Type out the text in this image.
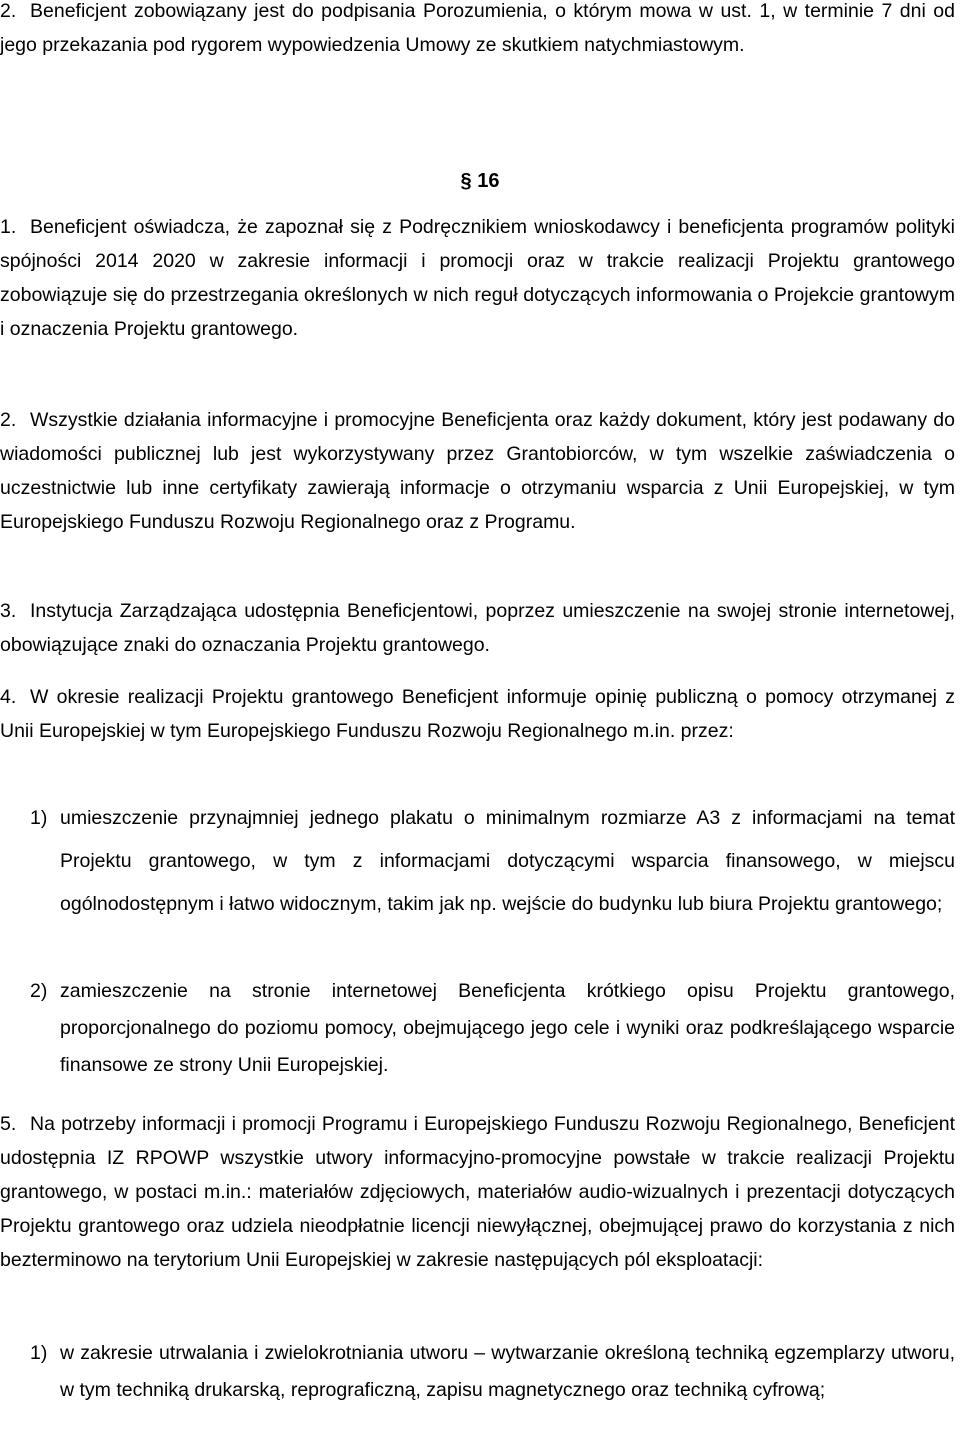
2. Beneficjent zobowiązany jest do podpisania Porozumienia, o którym mowa w ust. 1, w terminie 7 dni od jego przekazania pod rygorem wypowiedzenia Umowy ze skutkiem natychmiastowym.

§ 16

1. Beneficjent oświadcza, że zapoznał się z Podręcznikiem wnioskodawcy i beneficjenta programów polityki spójności 2014 2020 w zakresie informacji i promocji oraz w trakcie realizacji Projektu grantowego zobowiązuje się do przestrzegania określonych w nich reguł dotyczących informowania o Projekcie grantowym i oznaczenia Projektu grantowego.

2. Wszystkie działania informacyjne i promocyjne Beneficjenta oraz każdy dokument, który jest podawany do wiadomości publicznej lub jest wykorzystywany przez Grantobiorców, w tym wszelkie zaświadczenia o uczestnictwie lub inne certyfikaty zawierają informacje o otrzymaniu wsparcia z Unii Europejskiej, w tym Europejskiego Funduszu Rozwoju Regionalnego oraz z Programu.

3. Instytucja Zarządzająca udostępnia Beneficjentowi, poprzez umieszczenie na swojej stronie internetowej, obowiązujące znaki do oznaczania Projektu grantowego.

4. W okresie realizacji Projektu grantowego Beneficjent informuje opinię publiczną o pomocy otrzymanej z Unii Europejskiej w tym Europejskiego Funduszu Rozwoju Regionalnego m.in. przez:

1) umieszczenie przynajmniej jednego plakatu o minimalnym rozmiarze A3 z informacjami na temat Projektu grantowego, w tym z informacjami dotyczącymi wsparcia finansowego, w miejscu ogólnodostępnym i łatwo widocznym, takim jak np. wejście do budynku lub biura Projektu grantowego;
2) zamieszczenie na stronie internetowej Beneficjenta krótkiego opisu Projektu grantowego, proporcjonalnego do poziomu pomocy, obejmującego jego cele i wyniki oraz podkreślającego wsparcie finansowe ze strony Unii Europejskiej.

5. Na potrzeby informacji i promocji Programu i Europejskiego Funduszu Rozwoju Regionalnego, Beneficjent udostępnia IZ RPOWP wszystkie utwory informacyjno-promocyjne powstałe w trakcie realizacji Projektu grantowego, w postaci m.in.: materiałów zdjęciowych, materiałów audio-wizualnych i prezentacji dotyczących Projektu grantowego oraz udziela nieodpłatnie licencji niewyłącznej, obejmującej prawo do korzystania z nich bezterminowo na terytorium Unii Europejskiej w zakresie następujących pól eksploatacji:

1) w zakresie utrwalania i zwielokrotniania utworu – wytwarzanie określoną techniką egzemplarzy utworu, w tym techniką drukarską, reprograficzną, zapisu magnetycznego oraz techniką cyfrową;
